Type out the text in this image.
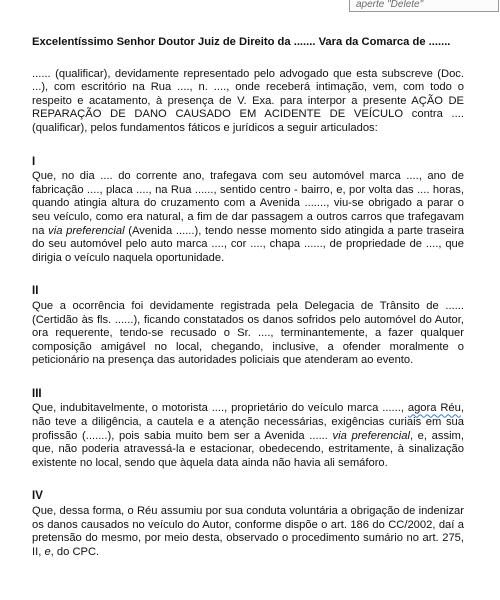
aperte "Delete"
Excelentíssimo Senhor Doutor Juiz de Direito da ....... Vara da Comarca de .......

...... (qualificar), devidamente representado pelo advogado que esta subscreve (Doc. ...), com escritório na Rua ...., n. ...., onde receberá intimação, vem, com todo o respeito e acatamento, à presença de V. Exa. para interpor a presente AÇÃO DE REPARAÇÃO DE DANO CAUSADO EM ACIDENTE DE VEÍCULO contra .... (qualificar), pelos fundamentos fáticos e jurídicos a seguir articulados:

I

Que, no dia .... do corrente ano, trafegava com seu automóvel marca ...., ano de fabricação ...., placa ...., na Rua ......, sentido centro - bairro, e, por volta das .... horas, quando atingia altura do cruzamento com a Avenida ......., viu-se obrigado a parar o seu veículo, como era natural, a fim de dar passagem a outros carros que trafegavam na via preferencial (Avenida ......), tendo nesse momento sido atingida a parte traseira do seu automóvel pelo auto marca ...., cor ...., chapa ......, de propriedade de ...., que dirigia o veículo naquela oportunidade.

II

Que a ocorrência foi devidamente registrada pela Delegacia de Trânsito de ...... (Certidão às fls. ......), ficando constatados os danos sofridos pelo automóvel do Autor, ora requerente, tendo-se recusado o Sr. ...., terminantemente, a fazer qualquer composição amigável no local, chegando, inclusive, a ofender moralmente o peticionário na presença das autoridades policiais que atenderam ao evento.

III

Que, indubitavelmente, o motorista ...., proprietário do veículo marca ......, agora Réu, não teve a diligência, a cautela e a atenção necessárias, exigências curiais em sua profissão (.......), pois sabia muito bem ser a Avenida ...... via preferencial, e, assim, que, não poderia atravessá-la e estacionar, obedecendo, estritamente, à sinalização existente no local, sendo que àquela data ainda não havia ali semáforo.

IV

Que, dessa forma, o Réu assumiu por sua conduta voluntária a obrigação de indenizar os danos causados no veículo do Autor, conforme dispõe o art. 186 do CC/2002, daí a pretensão do mesmo, por meio desta, observado o procedimento sumário no art. 275, II, e, do CPC.
